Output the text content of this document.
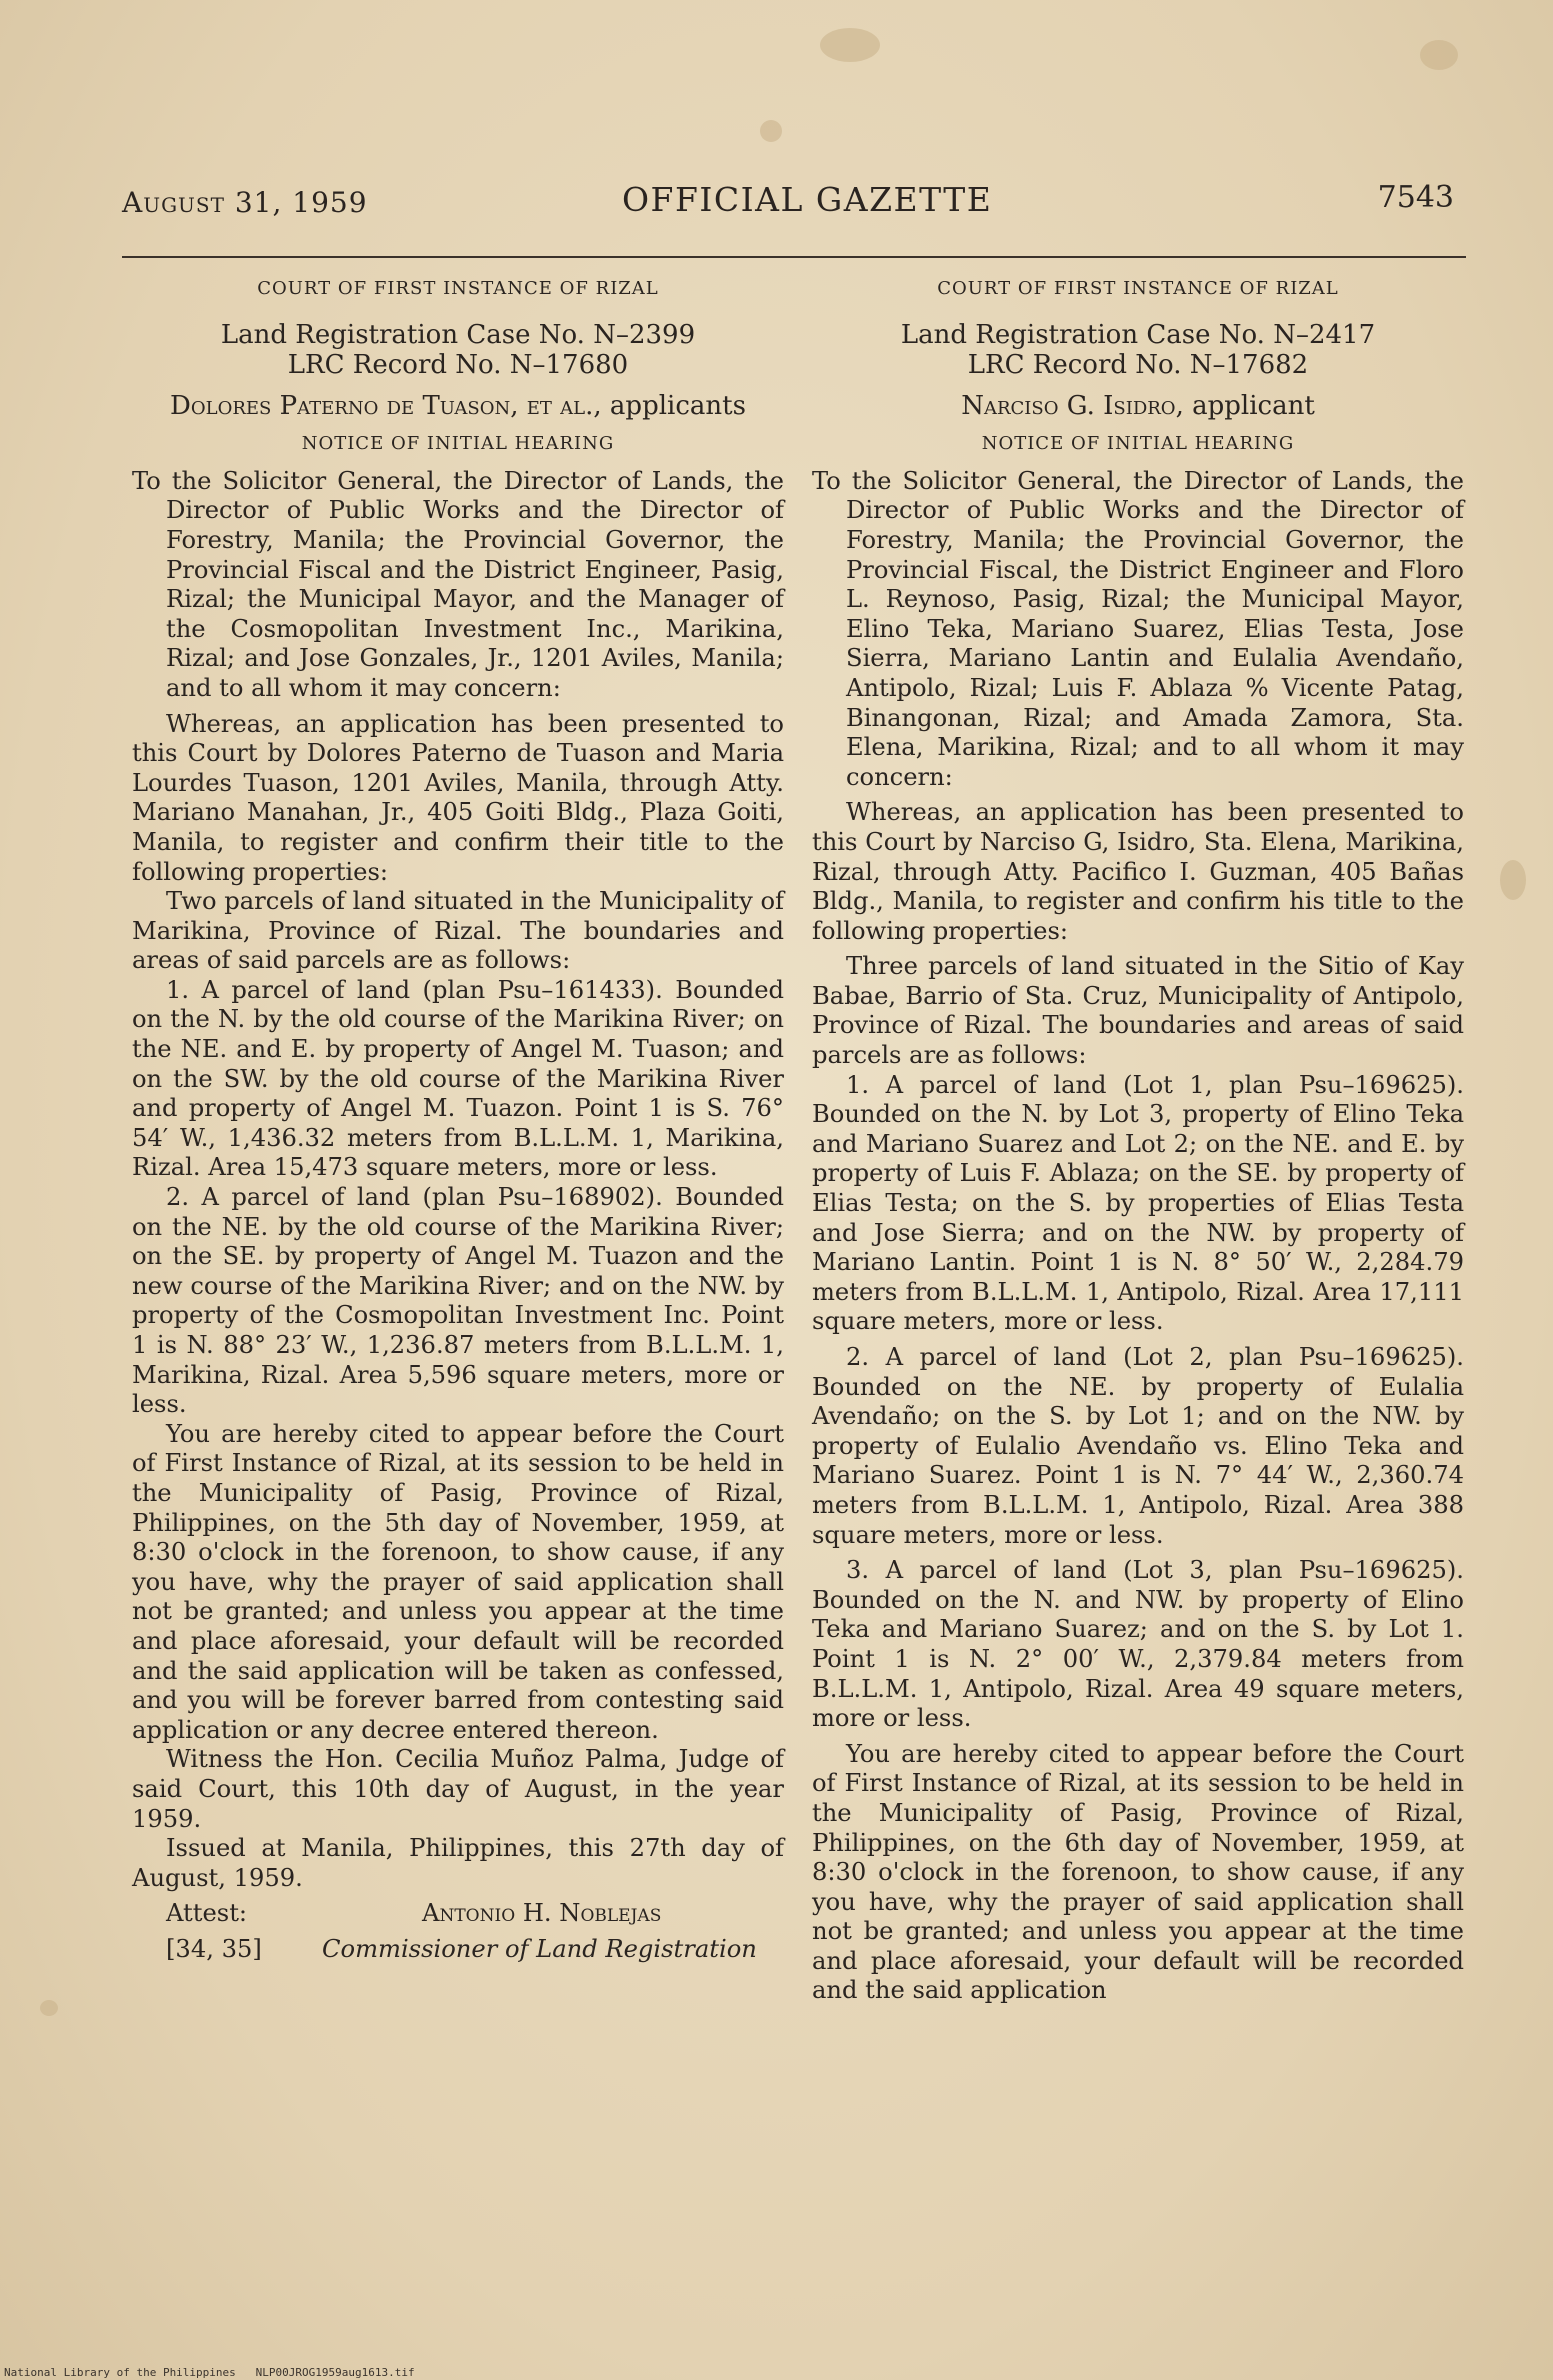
August 31, 1959	OFFICIAL GAZETTE	7543
COURT OF FIRST INSTANCE OF RIZAL
Land Registration Case No. N–2399
LRC Record No. N–17680
Dolores Paterno de Tuason, et al., applicants
NOTICE OF INITIAL HEARING
To the Solicitor General, the Director of Lands, the Director of Public Works and the Director of Forestry, Manila; the Provincial Governor, the Provincial Fiscal and the District Engineer, Pasig, Rizal; the Municipal Mayor, and the Manager of the Cosmopolitan Investment Inc., Marikina, Rizal; and Jose Gonzales, Jr., 1201 Aviles, Manila; and to all whom it may concern:

Whereas, an application has been presented to this Court by Dolores Paterno de Tuason and Maria Lourdes Tuason, 1201 Aviles, Manila, through Atty. Mariano Manahan, Jr., 405 Goiti Bldg., Plaza Goiti, Manila, to register and confirm their title to the following properties:

Two parcels of land situated in the Municipality of Marikina, Province of Rizal. The boundaries and areas of said parcels are as follows:

1. A parcel of land (plan Psu–161433). Bounded on the N. by the old course of the Marikina River; on the NE. and E. by property of Angel M. Tuason; and on the SW. by the old course of the Marikina River and property of Angel M. Tuazon. Point 1 is S. 76° 54′ W., 1,436.32 meters from B.L.L.M. 1, Marikina, Rizal. Area 15,473 square meters, more or less.

2. A parcel of land (plan Psu–168902). Bounded on the NE. by the old course of the Marikina River; on the SE. by property of Angel M. Tuazon and the new course of the Marikina River; and on the NW. by property of the Cosmopolitan Investment Inc. Point 1 is N. 88° 23′ W., 1,236.87 meters from B.L.L.M. 1, Marikina, Rizal. Area 5,596 square meters, more or less.

You are hereby cited to appear before the Court of First Instance of Rizal, at its session to be held in the Municipality of Pasig, Province of Rizal, Philippines, on the 5th day of November, 1959, at 8:30 o'clock in the forenoon, to show cause, if any you have, why the prayer of said application shall not be granted; and unless you appear at the time and place aforesaid, your default will be recorded and the said application will be taken as confessed, and you will be forever barred from contesting said application or any decree entered thereon.

Witness the Hon. Cecilia Muñoz Palma, Judge of said Court, this 10th day of August, in the year 1959.

Issued at Manila, Philippines, this 27th day of August, 1959.

Attest:	Antonio H. Noblejas
[34, 35] Commissioner of Land Registration
COURT OF FIRST INSTANCE OF RIZAL
Land Registration Case No. N–2417
LRC Record No. N–17682
Narciso G. Isidro, applicant
NOTICE OF INITIAL HEARING
To the Solicitor General, the Director of Lands, the Director of Public Works and the Director of Forestry, Manila; the Provincial Governor, the Provincial Fiscal, the District Engineer and Floro L. Reynoso, Pasig, Rizal; the Municipal Mayor, Elino Teka, Mariano Suarez, Elias Testa, Jose Sierra, Mariano Lantin and Eulalia Avendaño, Antipolo, Rizal; Luis F. Ablaza % Vicente Patag, Binangonan, Rizal; and Amada Zamora, Sta. Elena, Marikina, Rizal; and to all whom it may concern:

Whereas, an application has been presented to this Court by Narciso G, Isidro, Sta. Elena, Marikina, Rizal, through Atty. Pacifico I. Guzman, 405 Bañas Bldg., Manila, to register and confirm his title to the following properties:

Three parcels of land situated in the Sitio of Kay Babae, Barrio of Sta. Cruz, Municipality of Antipolo, Province of Rizal. The boundaries and areas of said parcels are as follows:

1. A parcel of land (Lot 1, plan Psu–169625). Bounded on the N. by Lot 3, property of Elino Teka and Mariano Suarez and Lot 2; on the NE. and E. by property of Luis F. Ablaza; on the SE. by property of Elias Testa; on the S. by properties of Elias Testa and Jose Sierra; and on the NW. by property of Mariano Lantin. Point 1 is N. 8° 50′ W., 2,284.79 meters from B.L.L.M. 1, Antipolo, Rizal. Area 17,111 square meters, more or less.

2. A parcel of land (Lot 2, plan Psu–169625). Bounded on the NE. by property of Eulalia Avendaño; on the S. by Lot 1; and on the NW. by property of Eulalio Avendaño vs. Elino Teka and Mariano Suarez. Point 1 is N. 7° 44′ W., 2,360.74 meters from B.L.L.M. 1, Antipolo, Rizal. Area 388 square meters, more or less.

3. A parcel of land (Lot 3, plan Psu–169625). Bounded on the N. and NW. by property of Elino Teka and Mariano Suarez; and on the S. by Lot 1. Point 1 is N. 2° 00′ W., 2,379.84 meters from B.L.L.M. 1, Antipolo, Rizal. Area 49 square meters, more or less.

You are hereby cited to appear before the Court of First Instance of Rizal, at its session to be held in the Municipality of Pasig, Province of Rizal, Philippines, on the 6th day of November, 1959, at 8:30 o'clock in the forenoon, to show cause, if any you have, why the prayer of said application shall not be granted; and unless you appear at the time and place aforesaid, your default will be recorded and the said application

National Library of the Philippines NLP00JROG1959aug1613.tif
